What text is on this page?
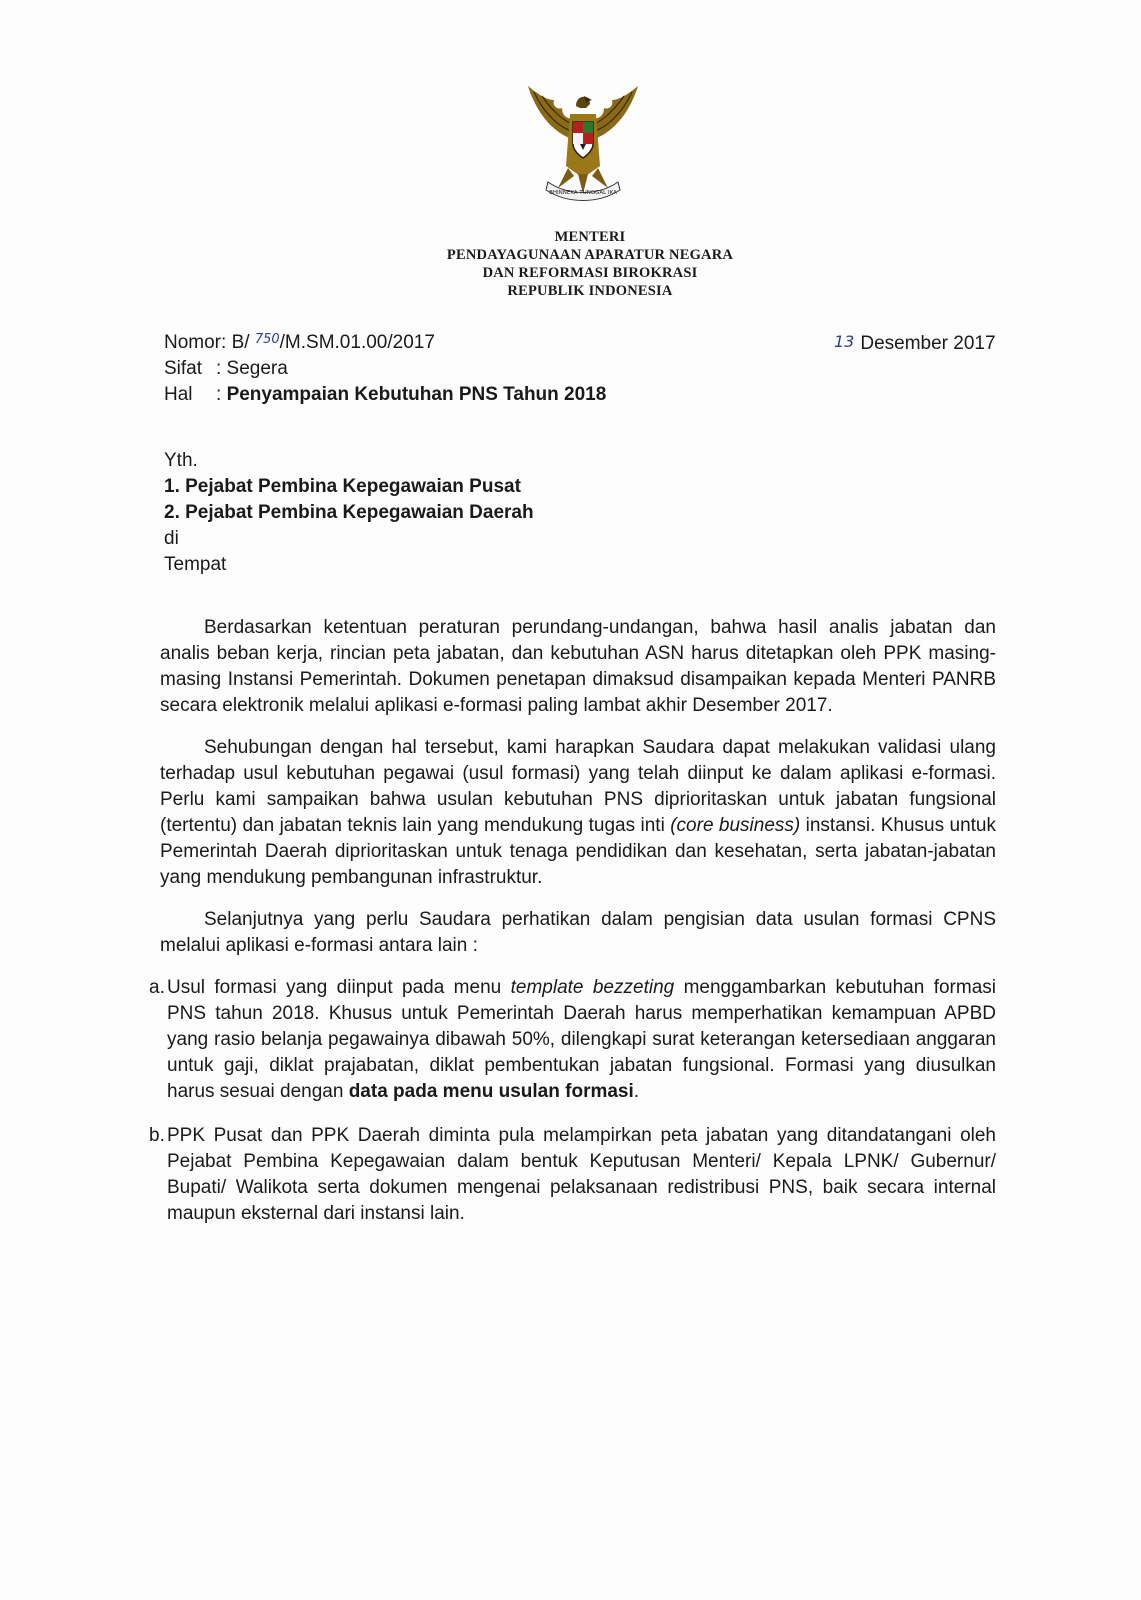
BHINNEKA TUNGGAL IKA
MENTERI
PENDAYAGUNAAN APARATUR NEGARA
DAN REFORMASI BIROKRASI
REPUBLIK INDONESIA
Nomor: B/ $^{750}$/M.SM.01.00/2017
Sifat : Segera
Hal : Penyampaian Kebutuhan PNS Tahun 2018
13 Desember 2017
Yth.
1. Pejabat Pembina Kepegawaian Pusat
2. Pejabat Pembina Kepegawaian Daerah
di
Tempat

Berdasarkan ketentuan peraturan perundang-undangan, bahwa hasil analis jabatan dan analis beban kerja, rincian peta jabatan, dan kebutuhan ASN harus ditetapkan oleh PPK masing-masing Instansi Pemerintah. Dokumen penetapan dimaksud disampaikan kepada Menteri PANRB secara elektronik melalui aplikasi e-formasi paling lambat akhir Desember 2017.

Sehubungan dengan hal tersebut, kami harapkan Saudara dapat melakukan validasi ulang terhadap usul kebutuhan pegawai (usul formasi) yang telah diinput ke dalam aplikasi e-formasi. Perlu kami sampaikan bahwa usulan kebutuhan PNS diprioritaskan untuk jabatan fungsional (tertentu) dan jabatan teknis lain yang mendukung tugas inti (core business) instansi. Khusus untuk Pemerintah Daerah diprioritaskan untuk tenaga pendidikan dan kesehatan, serta jabatan-jabatan yang mendukung pembangunan infrastruktur.

Selanjutnya yang perlu Saudara perhatikan dalam pengisian data usulan formasi CPNS melalui aplikasi e-formasi antara lain :

a. Usul formasi yang diinput pada menu template bezzeting menggambarkan kebutuhan formasi PNS tahun 2018. Khusus untuk Pemerintah Daerah harus memperhatikan kemampuan APBD yang rasio belanja pegawainya dibawah 50%, dilengkapi surat keterangan ketersediaan anggaran untuk gaji, diklat prajabatan, diklat pembentukan jabatan fungsional. Formasi yang diusulkan harus sesuai dengan data pada menu usulan formasi.
b. PPK Pusat dan PPK Daerah diminta pula melampirkan peta jabatan yang ditandatangani oleh Pejabat Pembina Kepegawaian dalam bentuk Keputusan Menteri/ Kepala LPNK/ Gubernur/ Bupati/ Walikota serta dokumen mengenai pelaksanaan redistribusi PNS, baik secara internal maupun eksternal dari instansi lain.
